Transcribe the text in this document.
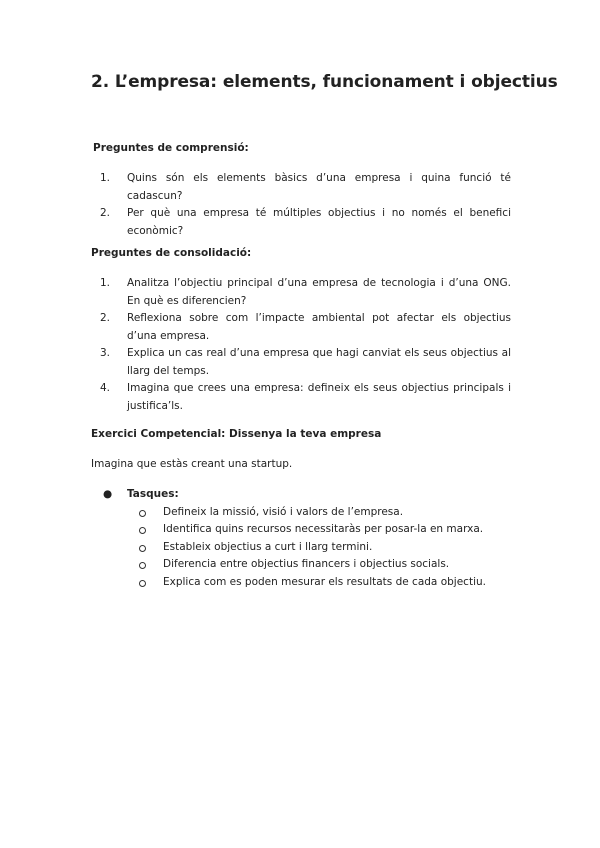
2. L’empresa: elements, funcionament i objectius

Preguntes de comprensió:

1. Quins són els elements bàsics d’una empresa i quina funció té cadascun?
2. Per què una empresa té múltiples objectius i no només el benefici econòmic?

Preguntes de consolidació:

1. Analitza l’objectiu principal d’una empresa de tecnologia i d’una ONG. En què es diferencien?
2. Reflexiona sobre com l’impacte ambiental pot afectar els objectius d’una empresa.
3. Explica un cas real d’una empresa que hagi canviat els seus objectius al llarg del temps.
4. Imagina que crees una empresa: defineix els seus objectius principals i justifica’ls.

Exercici Competencial: Dissenya la teva empresa

Imagina que estàs creant una startup.

● Tasques:
Defineix la missió, visió i valors de l’empresa.
Identifica quins recursos necessitaràs per posar-la en marxa.
Estableix objectius a curt i llarg termini.
Diferencia entre objectius financers i objectius socials.
Explica com es poden mesurar els resultats de cada objectiu.
